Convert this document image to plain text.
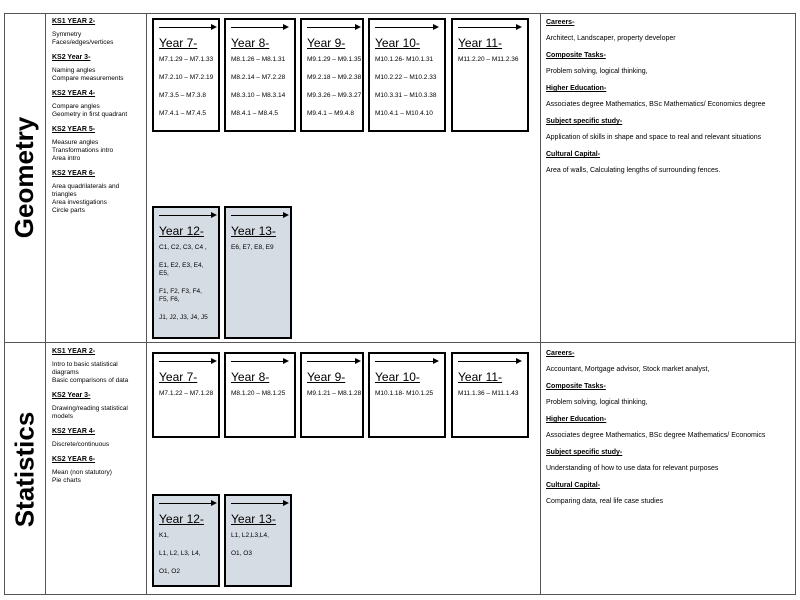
Geometry
Statistics
KS1 YEAR 2-
Symmetry
Faces/edges/vertices
KS2 Year 3-
Naming angles
Compare measurements
KS2 YEAR 4-
Compare angles
Geometry in first quadrant
KS2 YEAR 5-
Measure angles
Transformations intro
Area intro
KS2 YEAR 6-
Area quadrilaterals and triangles
Area investigations
Circle parts
KS1 YEAR 2-
Intro to basic statistical diagrams
Basic comparisons of data
KS2 Year 3-
Drawing/reading statistical
models
KS2 YEAR 4-
Discrete/continuous
KS2 YEAR 6-
Mean (non statutory)
Pie charts
Year 7-
M7.1.29 – M7.1.33
M7.2.10 – M7.2.19
M7.3.5 – M7.3.8
M7.4.1 – M7.4.5
Year 8-
M8.1.26 – M8.1.31
M8.2.14 – M7.2.28
M8.3.10 – M8.3.14
M8.4.1 – M8.4.5
Year 9-
M9.1.29 – M9.1.35
M9.2.18 – M9.2.38
M9.3.26 – M9.3.27
M9.4.1 – M9.4.8
Year 10-
M10.1.26- M10.1.31
M10.2.22 – M10.2.33
M10.3.31 – M10.3.38
M10.4.1 – M10.4.10
Year 11-
M11.2.20 – M11.2.36
Year 12-
C1, C2, C3, C4 ,
E1, E2, E3, E4, E5,
F1, F2, F3, F4, F5, F6,
J1, J2, J3, J4, J5
Year 13-
E6, E7, E8, E9
Year 7-
M7.1.22 – M7.1.28
Year 8-
M8.1.20 – M8.1.25
Year 9-
M9.1.21 – M8.1.28
Year 10-
M10.1.18- M10.1.25
Year 11-
M11.1.36 – M11.1.43
Year 12-
K1,
L1, L2, L3, L4,
O1, O2
Year 13-
L1, L2,L3,L4,
O1, O3
Careers-
Architect, Landscaper, property developer
Composite Tasks-
Problem solving, logical thinking,
Higher Education-
Associates degree Mathematics, BSc Mathematics/ Economics degree
Subject specific study-
Application of skills in shape and space to real and relevant situations
Cultural Capital-
Area of walls, Calculating lengths of surrounding fences.
Careers-
Accountant, Mortgage advisor, Stock market analyst,
Composite Tasks-
Problem solving, logical thinking,
Higher Education-
Associates degree Mathematics, BSc degree Mathematics/ Economics
Subject specific study-
Understanding of how to use data for relevant purposes
Cultural Capital-
Comparing data, real life case studies
